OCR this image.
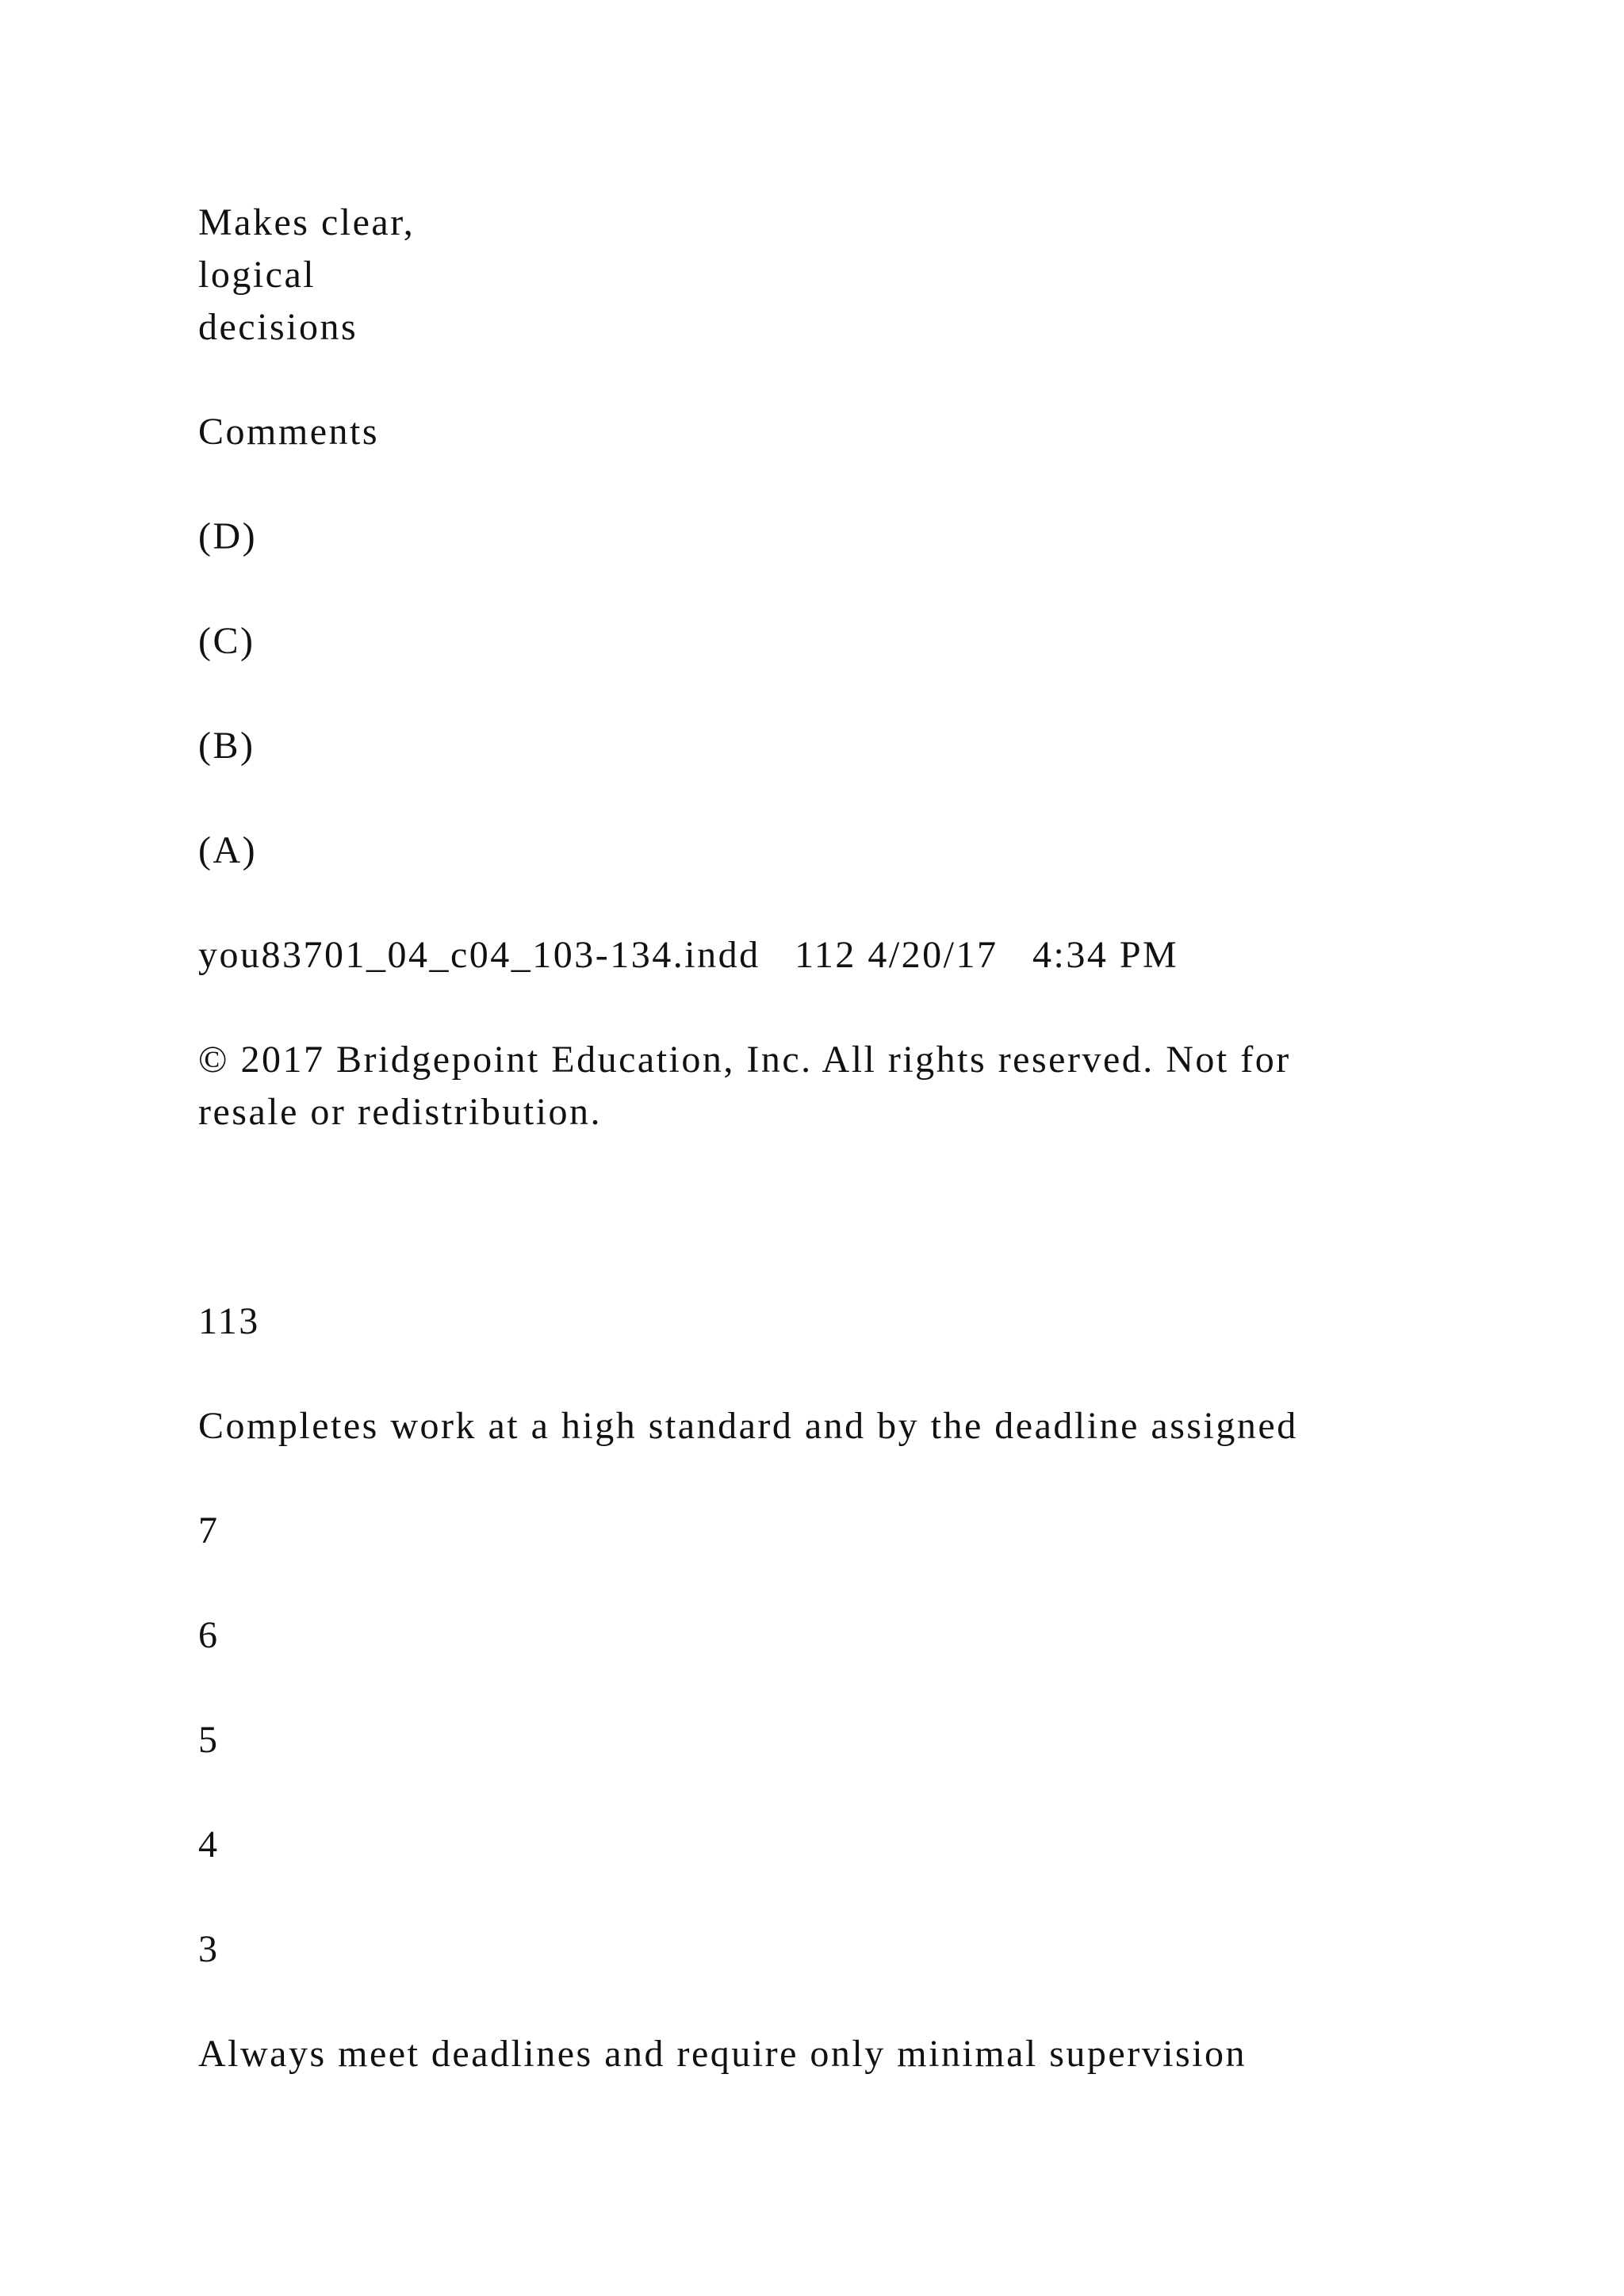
Makes clear,
logical
decisions
Comments
(D)
(C)
(B)
(A)
you83701_04_c04_103-134.indd   112 4/20/17   4:34 PM
© 2017 Bridgepoint Education, Inc. All rights reserved. Not for
resale or redistribution.
113
Completes work at a high standard and by the deadline assigned
7
6
5
4
3
Always meet deadlines and require only minimal supervision
